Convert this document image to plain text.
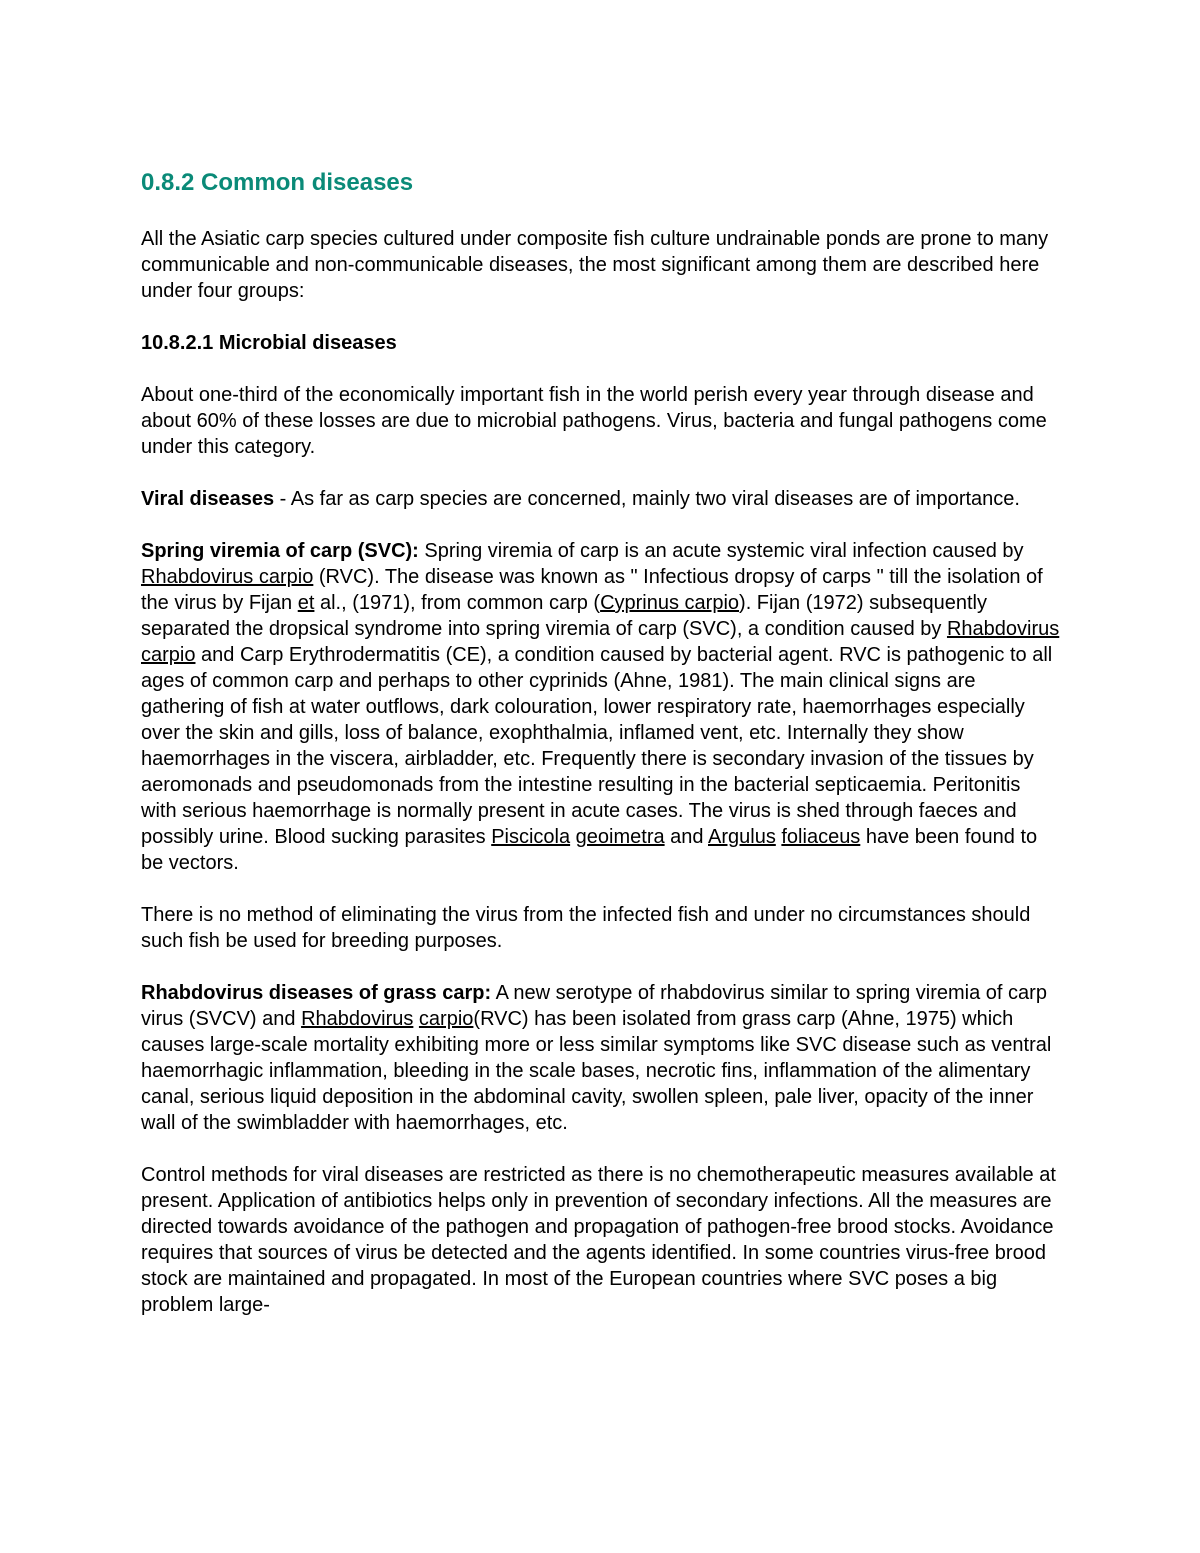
0.8.2 Common diseases

All the Asiatic carp species cultured under composite fish culture undrainable ponds are prone to many communicable and non-communicable diseases, the most significant among them are described here under four groups:

10.8.2.1 Microbial diseases

About one-third of the economically important fish in the world perish every year through disease and about 60% of these losses are due to microbial pathogens. Virus, bacteria and fungal pathogens come under this category.

Viral diseases - As far as carp species are concerned, mainly two viral diseases are of importance.

Spring viremia of carp (SVC): Spring viremia of carp is an acute systemic viral infection caused by Rhabdovirus carpio (RVC). The disease was known as " Infectious dropsy of carps " till the isolation of the virus by Fijan et al., (1971), from common carp (Cyprinus carpio). Fijan (1972) subsequently separated the dropsical syndrome into spring viremia of carp (SVC), a condition caused by Rhabdovirus carpio and Carp Erythrodermatitis (CE), a condition caused by bacterial agent. RVC is pathogenic to all ages of common carp and perhaps to other cyprinids (Ahne, 1981). The main clinical signs are gathering of fish at water outflows, dark colouration, lower respiratory rate, haemorrhages especially over the skin and gills, loss of balance, exophthalmia, inflamed vent, etc. Internally they show haemorrhages in the viscera, airbladder, etc. Frequently there is secondary invasion of the tissues by aeromonads and pseudomonads from the intestine resulting in the bacterial septicaemia. Peritonitis with serious haemorrhage is normally present in acute cases. The virus is shed through faeces and possibly urine. Blood sucking parasites Piscicola geoimetra and Argulus foliaceus have been found to be vectors.

There is no method of eliminating the virus from the infected fish and under no circumstances should such fish be used for breeding purposes.

Rhabdovirus diseases of grass carp: A new serotype of rhabdovirus similar to spring viremia of carp virus (SVCV) and Rhabdovirus carpio(RVC) has been isolated from grass carp (Ahne, 1975) which causes large-scale mortality exhibiting more or less similar symptoms like SVC disease such as ventral haemorrhagic inflammation, bleeding in the scale bases, necrotic fins, inflammation of the alimentary canal, serious liquid deposition in the abdominal cavity, swollen spleen, pale liver, opacity of the inner wall of the swimbladder with haemorrhages, etc.

Control methods for viral diseases are restricted as there is no chemotherapeutic measures available at present. Application of antibiotics helps only in prevention of secondary infections. All the measures are directed towards avoidance of the pathogen and propagation of pathogen-free brood stocks. Avoidance requires that sources of virus be detected and the agents identified. In some countries virus-free brood stock are maintained and propagated. In most of the European countries where SVC poses a big problem large-
